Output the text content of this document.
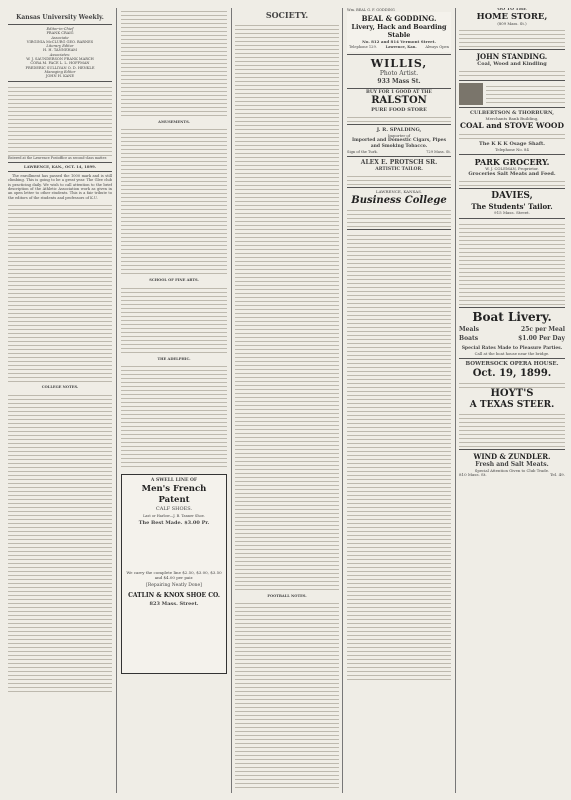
Kansas University Weekly.
Editor-in-Chief
FRANK CRAIG
Associate
VIRGINIA McCLURG GEO. BARNES
Literary Editor
H. H. TANNEHAM
Associates:
W. J. SAUNDERSON FRANK MARCH
CORA M. PACE L. L. HOFFMAN
FREDERIC SULLIVAN O. D. HENKLE
Managing Editor
JOHN H. KANE
Entered at the Lawrence Postoffice as second-class matter.
LAWRENCE, KAN., OCT. 14, 1899.

The enrollment has passed the 1000 mark and is still climbing. This is going to be a great year. The Glee club is practicing daily. We wish to call attention to the brief description of the Athletic Association work as given in an open letter to other students. This is a fair tribute to the editors of the students and professors of K.U.

COLLEGE NOTES.
AMUSEMENTS.
SCHOOL OF FINE ARTS.
THE ADELPHIC.
A SWELL LINE OF
Men's French Patent
CALF SHOES.
Last or Harlow—J. B. Tanner Shoe.
The Best Made. $3.00 Pr.
We carry the complete line $2.50, $3.00, $3.50 and $4.00 per pair.
[Repairing Neatly Done]
CATLIN & KNOX SHOE CO.
823 Mass. Street.
SOCIETY.
FOOTBALL NOTES.
Wm. BEAL G. F. GODDING
BEAL & GODDING.
Livery, Hack and Boarding Stable
No. 812 and 814 Vermont Street.
Telephone 129. Lawrence, Kan. Always Open
WILLIS,
Photo Artist.
933 Mass St.
BUY FOR 1 GOOD AT THE
RALSTON
PURE FOOD STORE
J. R. SPALDING,
Importer of
Imported and Domestic Cigars, Pipes and Smoking Tobacco.
Sign of the Turk.	729 Mass. St.
ALEX E. PROTSCH SR.
ARTISTIC TAILOR.
LAWRENCE, KANSAS.
Business College
GO TO THE
HOME STORE,
(809 Mass. St.)
JOHN STANDING.
Coal, Wood and Kindling
CULBERTSON & THORBURN,
Merchants Bank Building,
COAL and STOVE WOOD
The K K K Osage Shaft.
Telephone No. 84
PARK GROCERY.
W. J. COLEMAN, Proprietor.
Groceries Salt Meats and Feed.
DAVIES,
The Students' Tailor.
915 Mass. Street.
Boat Livery.
Meals	25c per Meal
Boats	$1.00 Per Day
Special Rates Made to Pleasure Parties.
Call at the boat house near the bridge.
BOWERSOCK OPERA HOUSE.
Oct. 19, 1899.
HOYT'S
A TEXAS STEER.
WIND & ZUNDLER.
Fresh and Salt Meats.
Special Attention Given to Club Trade.
810 Mass. St.	Tel. 49.
